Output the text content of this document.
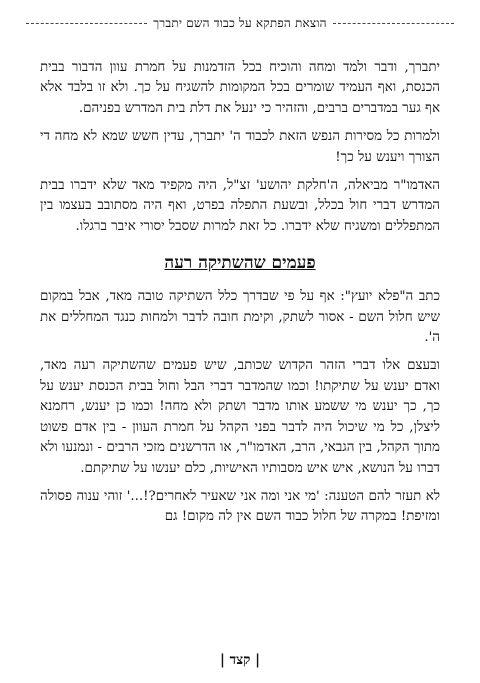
הוצאת הפתקא על כבוד השם יתברך

יתברך, ודבר ולמד ומחה והוכיח בכל הזדמנות על חמרת עוון הדבור בבית הכנסת, ואף העמיד שומרים בכל המקומות להשגיח על כך. ולא זו בלבד אלא אף גער במדברים ברבים, והזהיר כי ינעל את דלת בית המדרש בפניהם.

ולמרות כל מסירות הנפש הזאת לכבוד ה' יתברך, עדין חשש שמא לא מחה די הצורך ויענש על כך!

האדמו"ר מביאלה, ה'חלקת יהושע' זצ"ל, היה מקפיד מאד שלא ידברו בבית המדרש דברי חול בכלל, ובשעת התפלה בפרט, ואף היה מסתובב בעצמו בין המתפללים ומשגיח שלא ידברו. כל זאת למרות שסבל יסורי איבר ברגלו.

פעמים שהשתיקה רעה

כתב ה"פלא יועץ": אף על פי שבדרך כלל השתיקה טובה מאד, אבל במקום שיש חלול השם - אסור לשתק, וקימת חובה לדבר ולמחות כנגד המחללים את ה'.

ובעצם אלו דברי הזהר הקדוש שכותב, שיש פעמים שהשתיקה רעה מאד, ואדם יענש על שתיקתו! וכמו שהמדבר דברי הבל וחול בבית הכנסת יענש על כך, כך יענש מי ששמע אותו מדבר ושתק ולא מחה! וכמו כן יענש, רחמנא ליצלן, כל מי שיכול היה לדבר בפני הקהל על חמרת העוון - בין אדם פשוט מתוך הקהל, בין הגבאי, הרב, האדמו"ר, או הדרשנים מזכי הרבים - ונמנעו ולא דברו על הנושא, איש איש מסבותיו האישיות, כלם יענשו על שתיקתם.

לא תעזר להם הטענה: 'מי אני ומה אני שאעיר לאחרים?!...' זוהי ענוה פסולה ומזיפת! במקרה של חלול כבוד השם אין לה מקום! גם

| קצד |
